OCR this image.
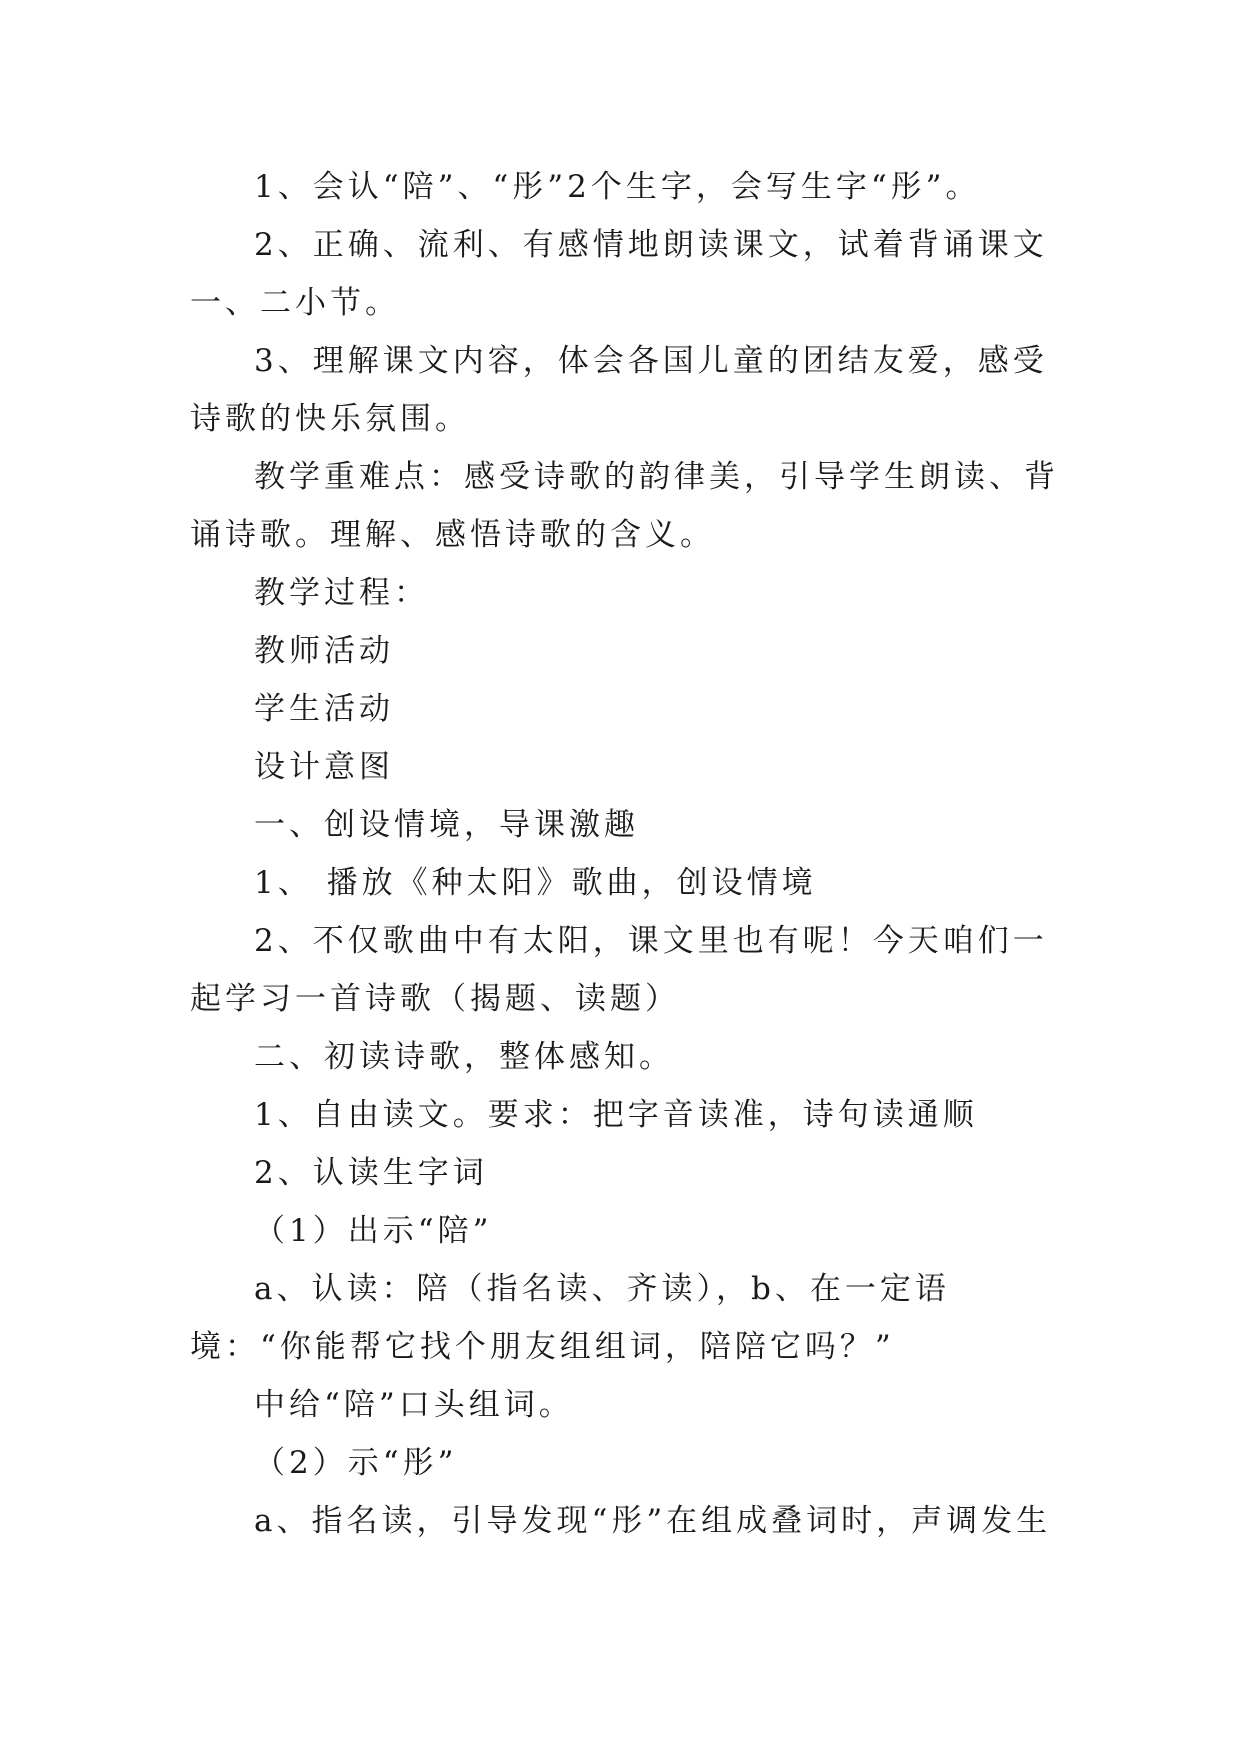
1、会认“陪”、“彤”2个生字，会写生字“彤”。

2、正确、流利、有感情地朗读课文，试着背诵课文一、二小节。

3、理解课文内容，体会各国儿童的团结友爱，感受诗歌的快乐氛围。

教学重难点：感受诗歌的韵律美，引导学生朗读、背诵诗歌。理解、感悟诗歌的含义。

教学过程：

教师活动

学生活动

设计意图

一、创设情境，导课激趣

1、 播放《种太阳》歌曲，创设情境

2、不仅歌曲中有太阳，课文里也有呢！今天咱们一起学习一首诗歌（揭题、读题）

二、初读诗歌，整体感知。

1、自由读文。要求：把字音读准，诗句读通顺

2、认读生字词

（1）出示“陪”

a、认读：陪（指名读、齐读），b、在一定语境：“你能帮它找个朋友组组词，陪陪它吗？”

中给“陪”口头组词。

（2）示“彤”

a、指名读，引导发现“彤”在组成叠词时，声调发生
